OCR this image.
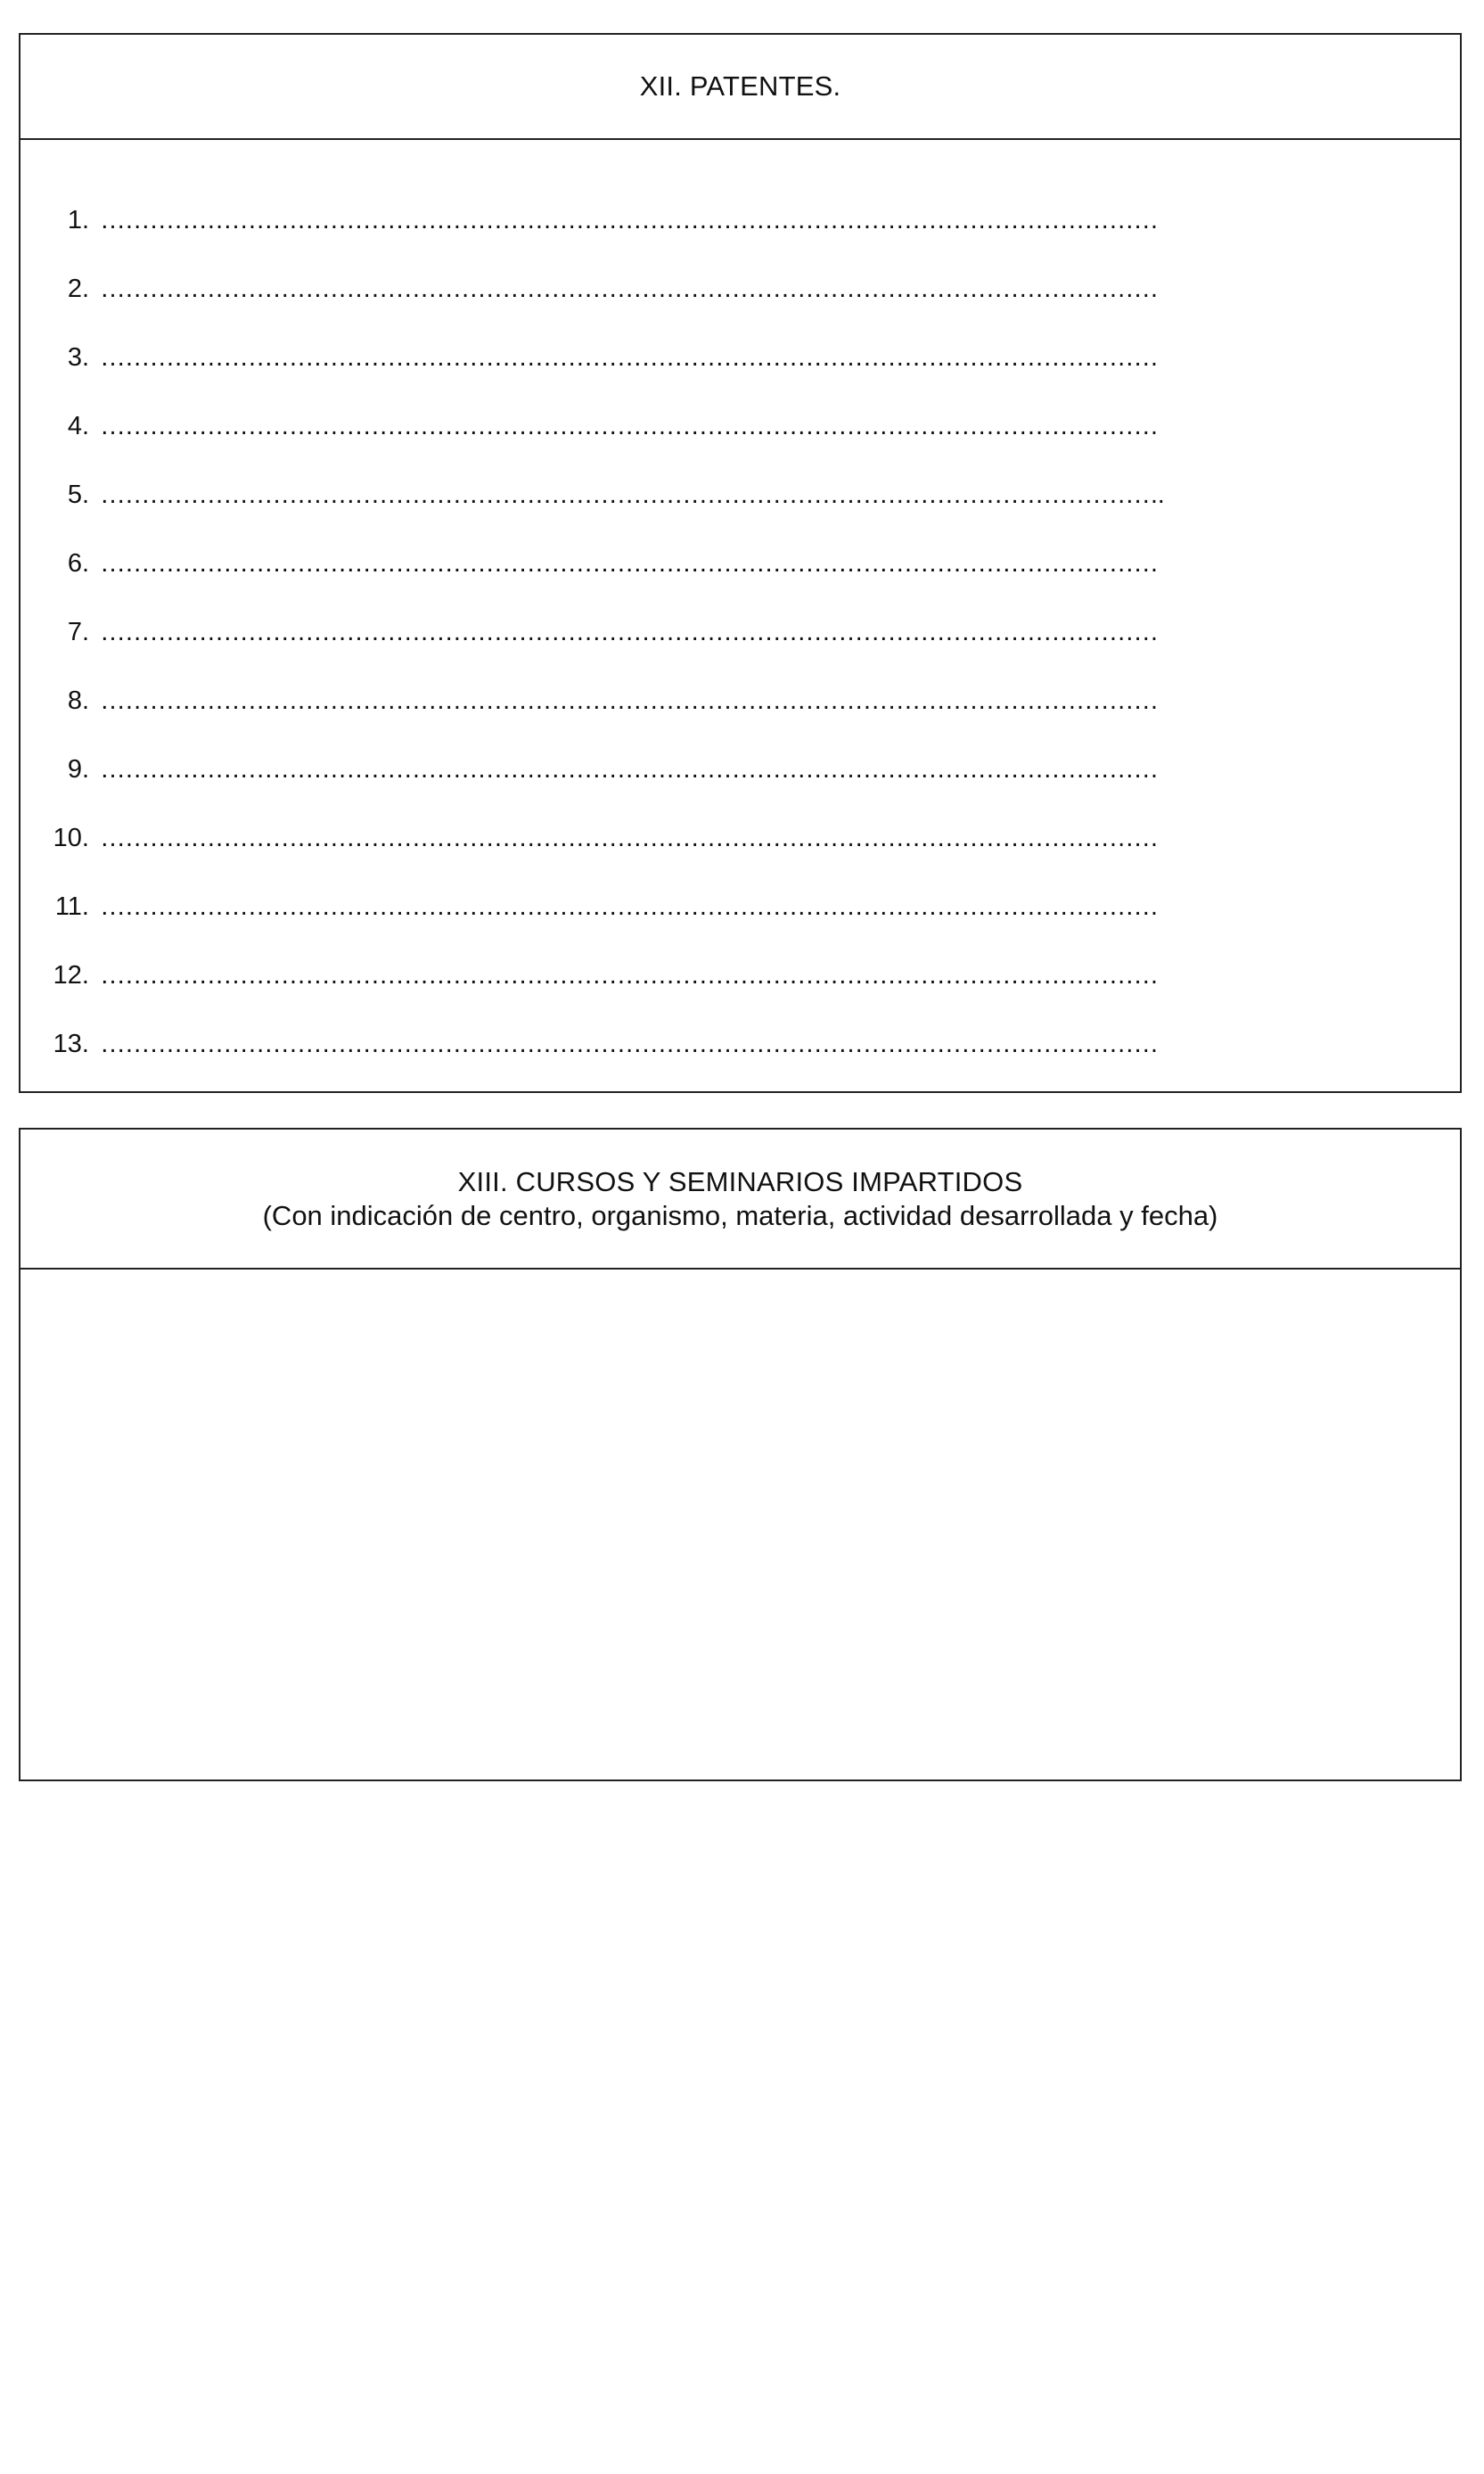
XII. PATENTES.
1. …………………………………………………………………………………………………………………
2. …………………………………………………………………………………………………………………
3. …………………………………………………………………………………………………………………
4. …………………………………………………………………………………………………………………
5. ………………………………………………………………………………………………………………….
6. …………………………………………………………………………………………………………………
7. …………………………………………………………………………………………………………………
8. …………………………………………………………………………………………………………………
9. …………………………………………………………………………………………………………………
10. …………………………………………………………………………………………………………………
11. …………………………………………………………………………………………………………………
12. …………………………………………………………………………………………………………………
13. …………………………………………………………………………………………………………………
XIII. CURSOS Y SEMINARIOS IMPARTIDOS
(Con indicación de centro, organismo, materia, actividad desarrollada y fecha)
